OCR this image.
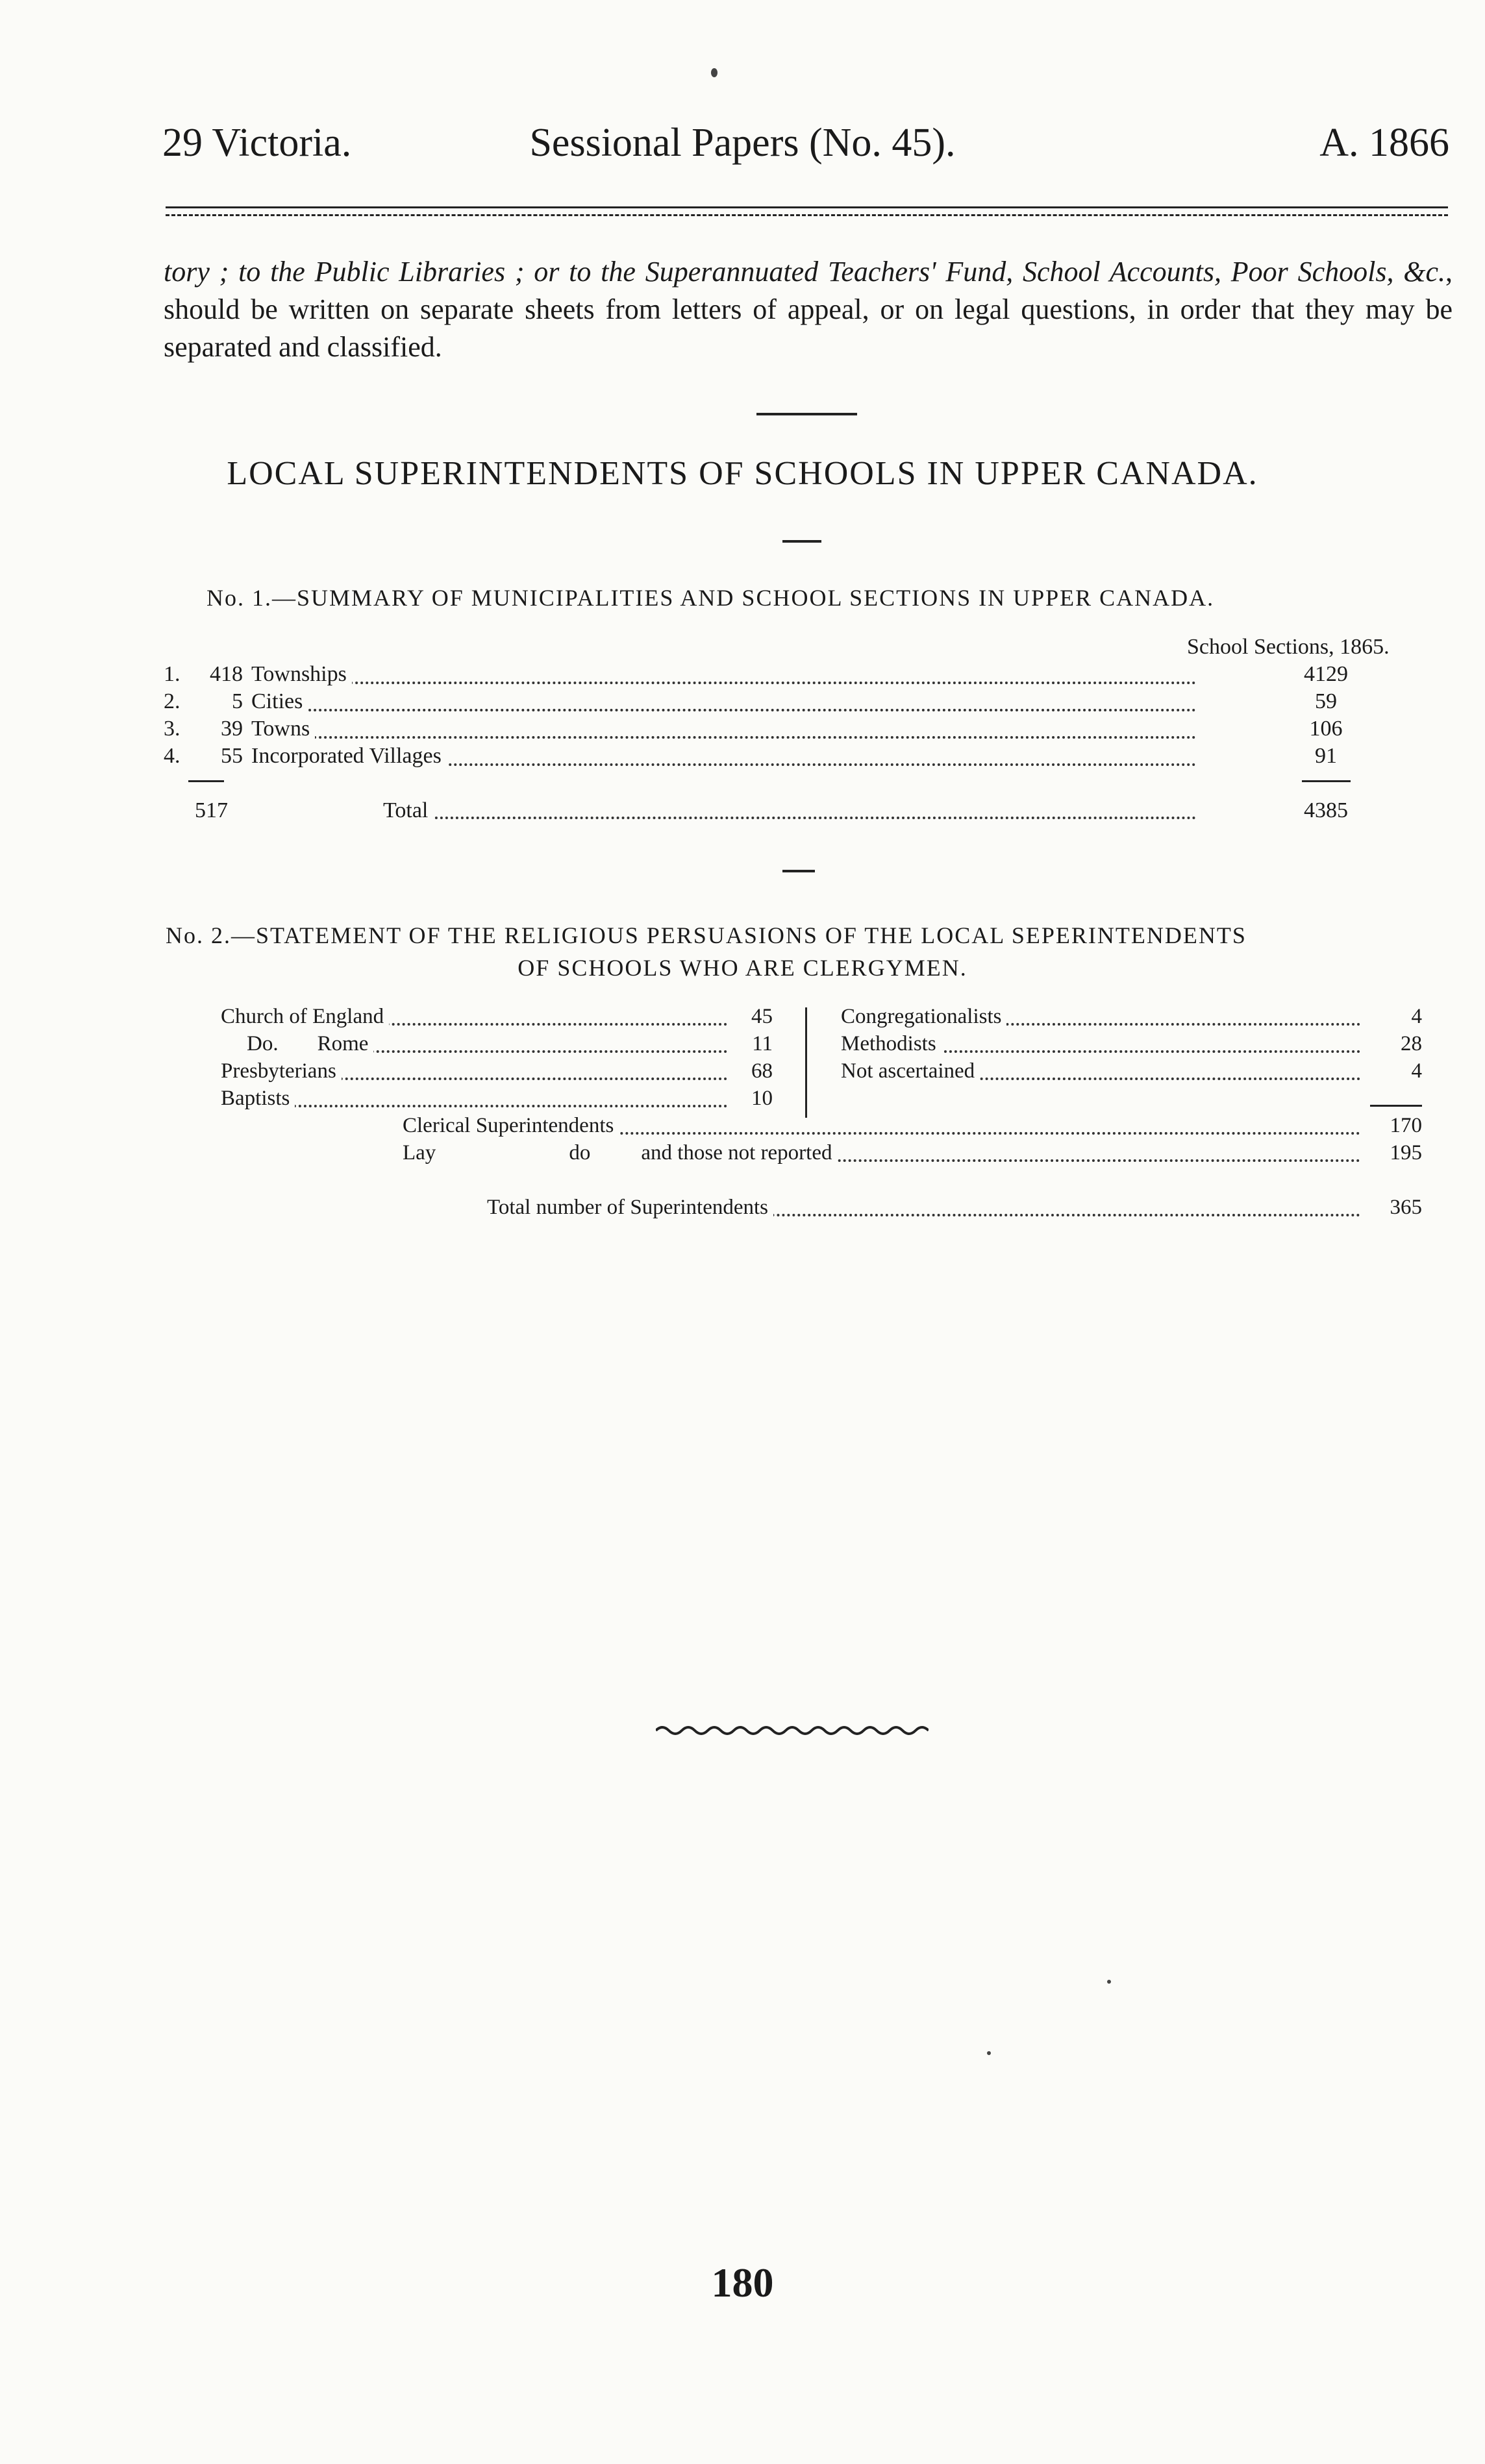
29 Victoria.	Sessional Papers (No. 45).	A. 1866
tory ; to the Public Libraries ; or to the Superannuated Teachers' Fund, School Accounts, Poor Schools, &c., should be written on separate sheets from letters of appeal, or on legal questions, in order that they may be separated and classified.
LOCAL SUPERINTENDENTS OF SCHOOLS IN UPPER CANADA.
No. 1.—SUMMARY OF MUNICIPALITIES AND SCHOOL SECTIONS IN UPPER CANADA.
School Sections, 1865.
1.	418 Townships	4129
2.	5 Cities	59
3.	39 Towns	106
4.	55 Incorporated Villages	91
517	Total	4385
No. 2.—STATEMENT OF THE RELIGIOUS PERSUASIONS OF THE LOCAL SEPERINTENDENTS
OF SCHOOLS WHO ARE CLERGYMEN.
Church of England	45
Do. Rome	11
Presbyterians	68
Baptists	10
Congregationalists	4
Methodists	28
Not ascertained	4
Clerical Superintendents	170
Lay	do and those not reported	195
Total number of Superintendents	365
180
